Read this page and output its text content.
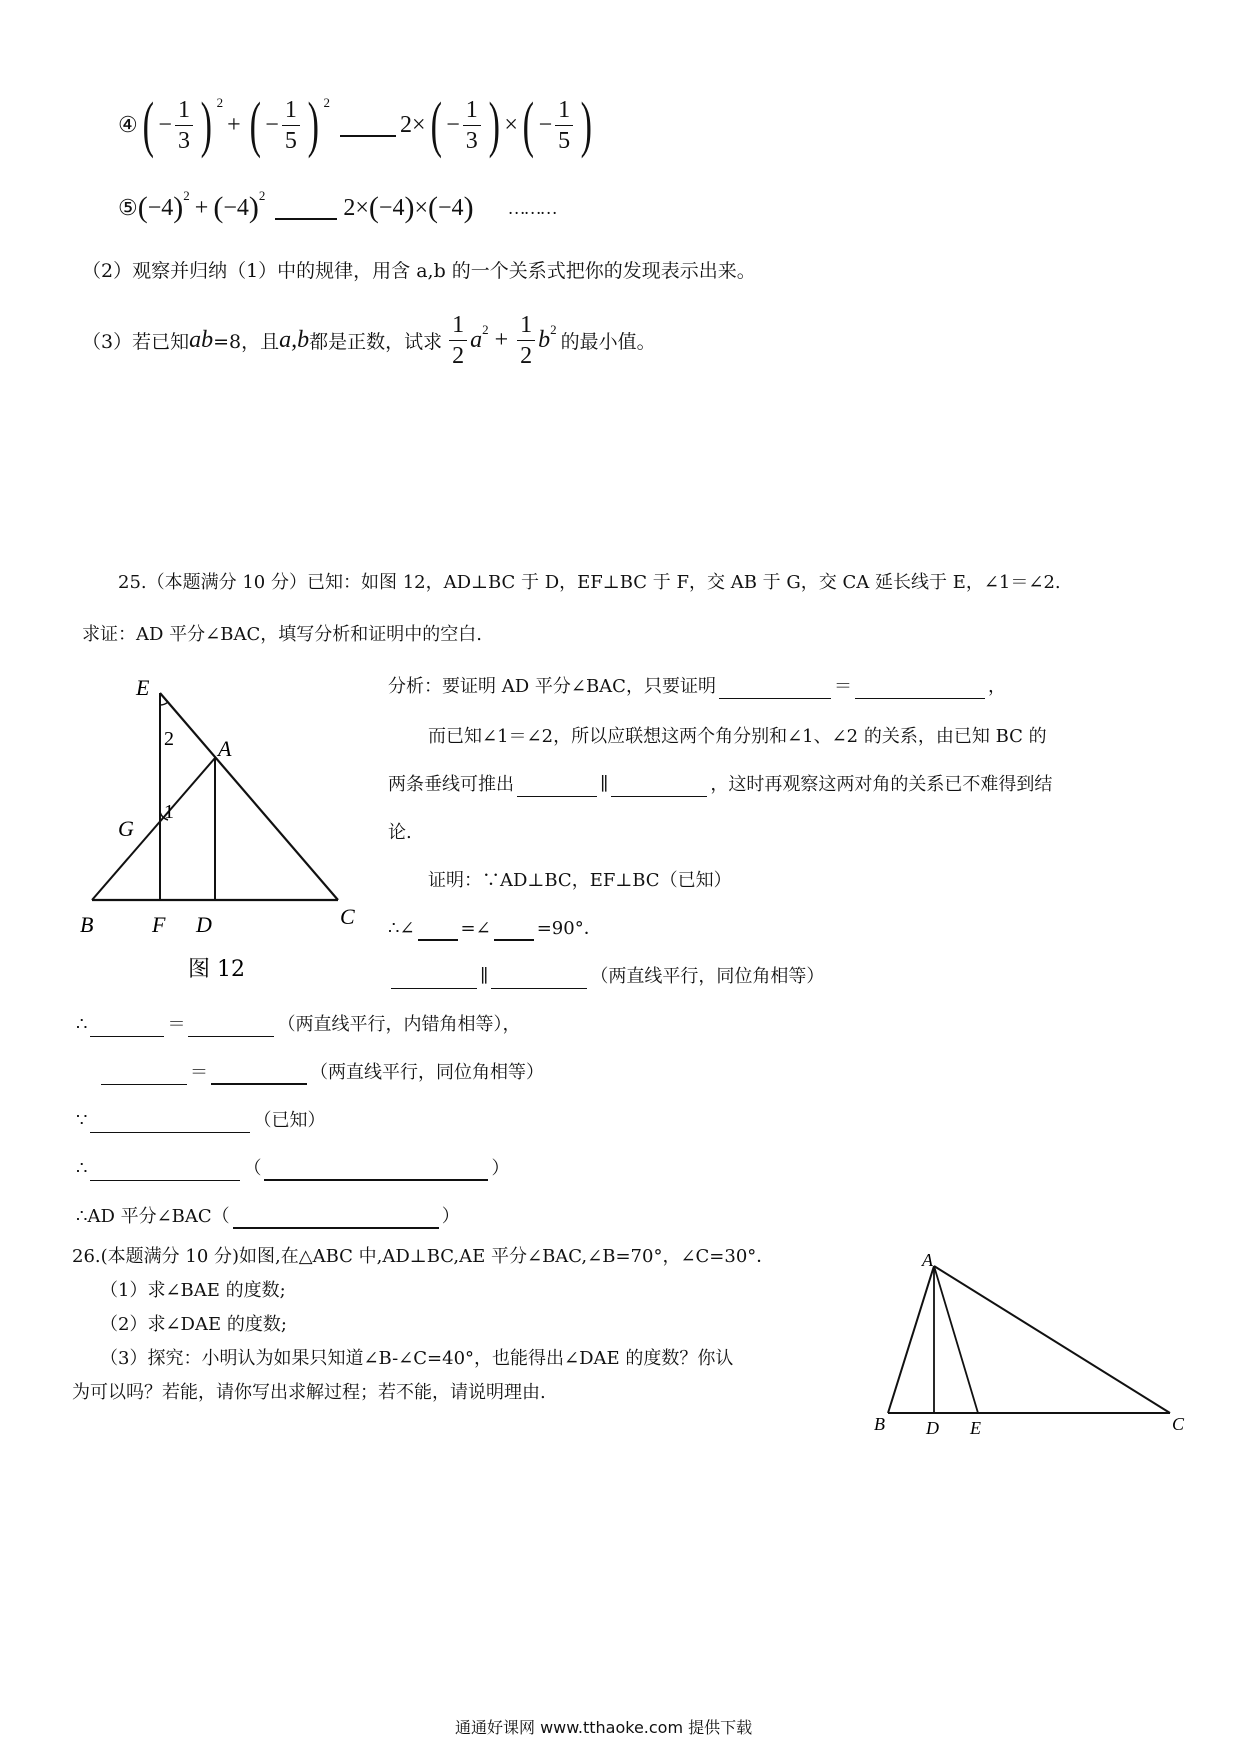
④ ( − $\frac{1}{3}$ ) $^2$
+ ( − $\frac{1}{5}$ ) $^2$
2 × ( − $\frac{1}{3}$ ) × ( − $\frac{1}{5}$ )
⑤ ( −4 )$^2$ + ( −4 )$^2$	2 × ( −4 ) × ( −4 ) ………
（2）观察并归纳（1）中的规律，用含 a,b 的一个关系式把你的发现表示出来。
（3）若已知 ab =8，且 a,b 都是正数，试求 $\frac{1}{2} a^2 + \frac{1}{2} b^2$
的最小值。
25.（本题满分 10 分）已知：如图 12，AD⊥BC 于 D，EF⊥BC 于 F，交 AB 于 G，交 CA 延长线于 E，∠1＝∠2.
求证：AD 平分∠BAC，填写分析和证明中的空白.
E
A
G
2
1
B	F D	C
图 12
分析：要证明 AD 平分∠BAC，只要证明	＝	，
而已知∠1＝∠2，所以应联想这两个角分别和∠1、∠2 的关系，由已知 BC 的
两条垂线可推出	∥	，这时再观察这两对角的关系已不难得到结
论.
证明：∵AD⊥BC，EF⊥BC（已知）
∴∠	=∠	=90°．
∥	（两直线平行，同位角相等）
∴	＝	（两直线平行，内错角相等），
＝	（两直线平行，同位角相等）
∵	（已知）
∴	（	）
∴AD 平分∠BAC（	）
26.(本题满分 10 分)如图,在△ABC 中,AD⊥BC,AE 平分∠BAC,∠B=70°，∠C=30°．
（1）求∠BAE 的度数;
（2）求∠DAE 的度数;
（3）探究：小明认为如果只知道∠B-∠C=40°，也能得出∠DAE 的度数？你认
为可以吗？若能，请你写出求解过程；若不能，请说明理由.
A
B D E	C
通通好课网 www.tthaoke.com 提供下载
